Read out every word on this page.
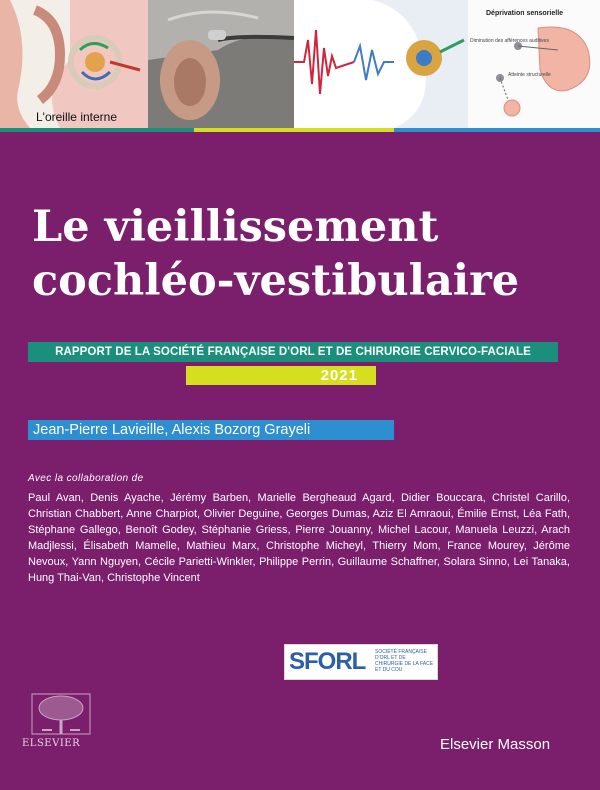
L'oreille interne
Déprivation sensorielle
Diminution des afférences auditives
Atteinte structurelle
Le vieillissement
cochléo-vestibulaire
RAPPORT DE LA SOCIÉTÉ FRANÇAISE D'ORL ET DE CHIRURGIE CERVICO-FACIALE
2021
Jean-Pierre Lavieille, Alexis Bozorg Grayeli
Avec la collaboration de

Paul Avan, Denis Ayache, Jérémy Barben, Marielle Bergheaud Agard, Didier Bouccara, Christel Carillo, Christian Chabbert, Anne Charpiot, Olivier Deguine, Georges Dumas, Aziz El Amraoui, Émilie Ernst, Léa Fath, Stéphane Gallego, Benoît Godey, Stéphanie Griess, Pierre Jouanny, Michel Lacour, Manuela Leuzzi, Arach Madjlessi, Élisabeth Mamelle, Mathieu Marx, Christophe Micheyl, Thierry Mom, France Mourey, Jérôme Nevoux, Yann Nguyen, Cécile Parietti-Winkler, Philippe Perrin, Guillaume Schaffner, Solara Sinno, Lei Tanaka, Hung Thai-Van, Christophe Vincent

SFORL SOCIÉTÉ FRANÇAISE D'ORL ET DE CHIRURGIE DE LA FACE ET DU COU
ELSEVIER	Elsevier Masson
